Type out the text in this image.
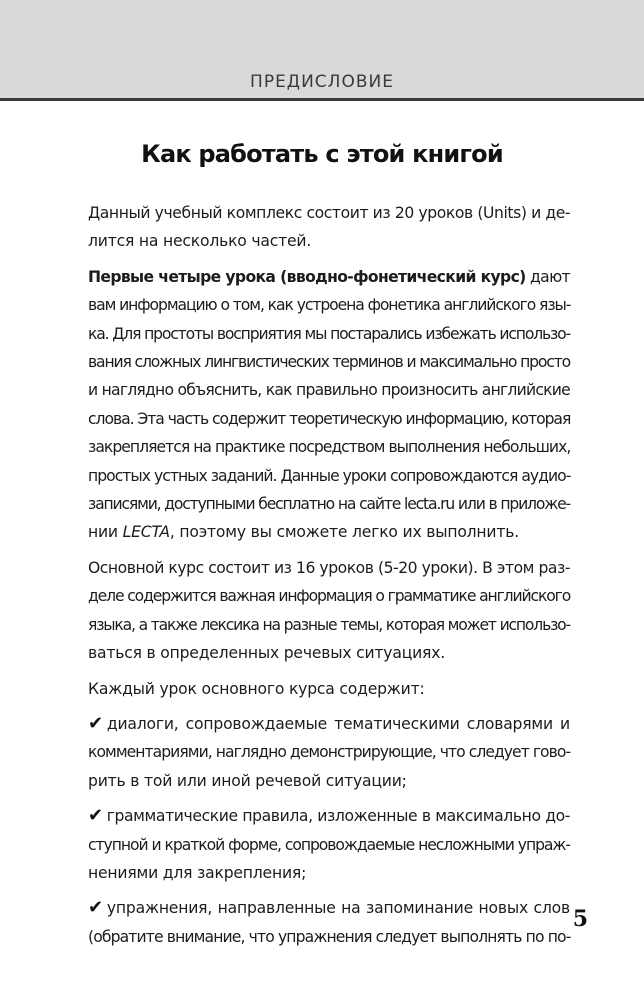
ПРЕДИСЛОВИЕ
Как работать с этой книгой

Данный учебный комплекс состоит из 20 уроков (Units) и де-
лится на несколько частей.

Первые четыре урока (вводно-фонетический курс) дают
вам информацию о том, как устроена фонетика английского язы-
ка. Для простоты восприятия мы постарались избежать использо-
вания сложных лингвистических терминов и максимально просто
и наглядно объяснить, как правильно произносить английские
слова. Эта часть содержит теоретическую информацию, которая
закрепляется на практике посредством выполнения небольших,
простых устных заданий. Данные уроки сопровождаются аудио-
записями, доступными бесплатно на сайте lecta.ru или в приложе-
нии LECTA, поэтому вы сможете легко их выполнить.

Основной курс состоит из 16 уроков (5-20 уроки). В этом раз-
деле содержится важная информация о грамматике английского
языка, а также лексика на разные темы, которая может использо-
ваться в определенных речевых ситуациях.

Каждый урок основного курса содержит:

✔ диалоги, сопровождаемые тематическими словарями и
комментариями, наглядно демонстрирующие, что следует гово-
рить в той или иной речевой ситуации;

✔ грамматические правила, изложенные в максимально до-
ступной и краткой форме, сопровождаемые несложными упраж-
нениями для закрепления;

✔ упражнения, направленные на запоминание новых слов
(обратите внимание, что упражнения следует выполнять по по-

5
